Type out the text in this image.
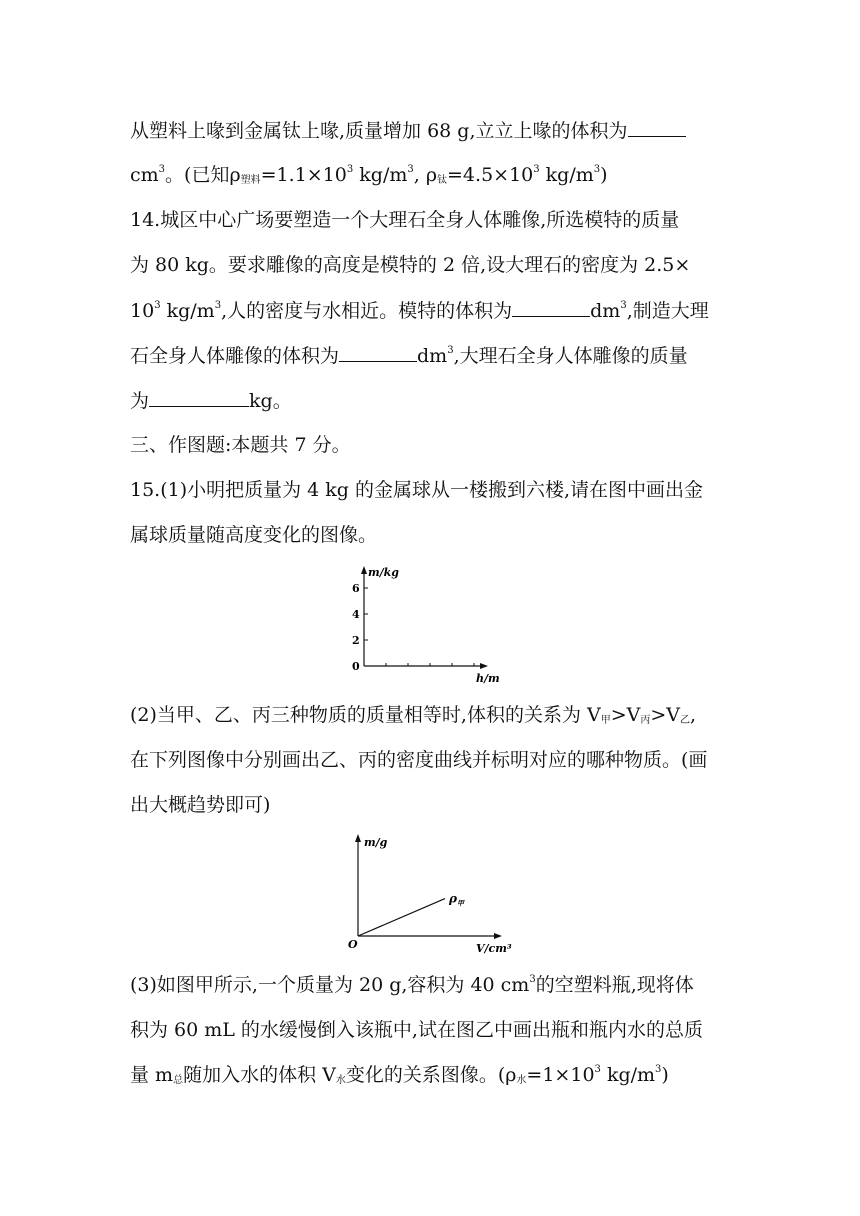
从塑料上喙到金属钛上喙,质量增加 68 g,立立上喙的体积为
$cm^3$。(已知$\rho_{塑料}=1.1\times 10^3$ $kg/m^3$, $\rho_钛=4.5\times 10^3$ $kg/m^3$)
14.城区中心广场要塑造一个大理石全身人体雕像,所选模特的质量
为 80 kg。要求雕像的高度是模特的 2 倍,设大理石的密度为 2.5×
$10^3$ $kg/m^3$,人的密度与水相近。模特的体积为	$dm^3$,制造大理
石全身人体雕像的体积为	$dm^3$,大理石全身人体雕像的质量
为	kg。
三、作图题:本题共 7 分。
15.(1)小明把质量为 4 kg 的金属球从一楼搬到六楼,请在图中画出金
属球质量随高度变化的图像。
m/kg
h/m
0
2
4
6
(2)当甲、乙、丙三种物质的质量相等时,体积的关系为 $V_甲>V_丙>V_乙$,
在下列图像中分别画出乙、丙的密度曲线并标明对应的哪种物质。(画
出大概趋势即可)
m/g
V/cm³
O
$\rho_甲$
(3)如图甲所示,一个质量为 20 g,容积为 40 $cm^3$的空塑料瓶,现将体
积为 60 mL 的水缓慢倒入该瓶中,试在图乙中画出瓶和瓶内水的总质
量 $m_总$随加入水的体积 $V_水$变化的关系图像。($\rho_水=1\times 10^3$ $kg/m^3$)
